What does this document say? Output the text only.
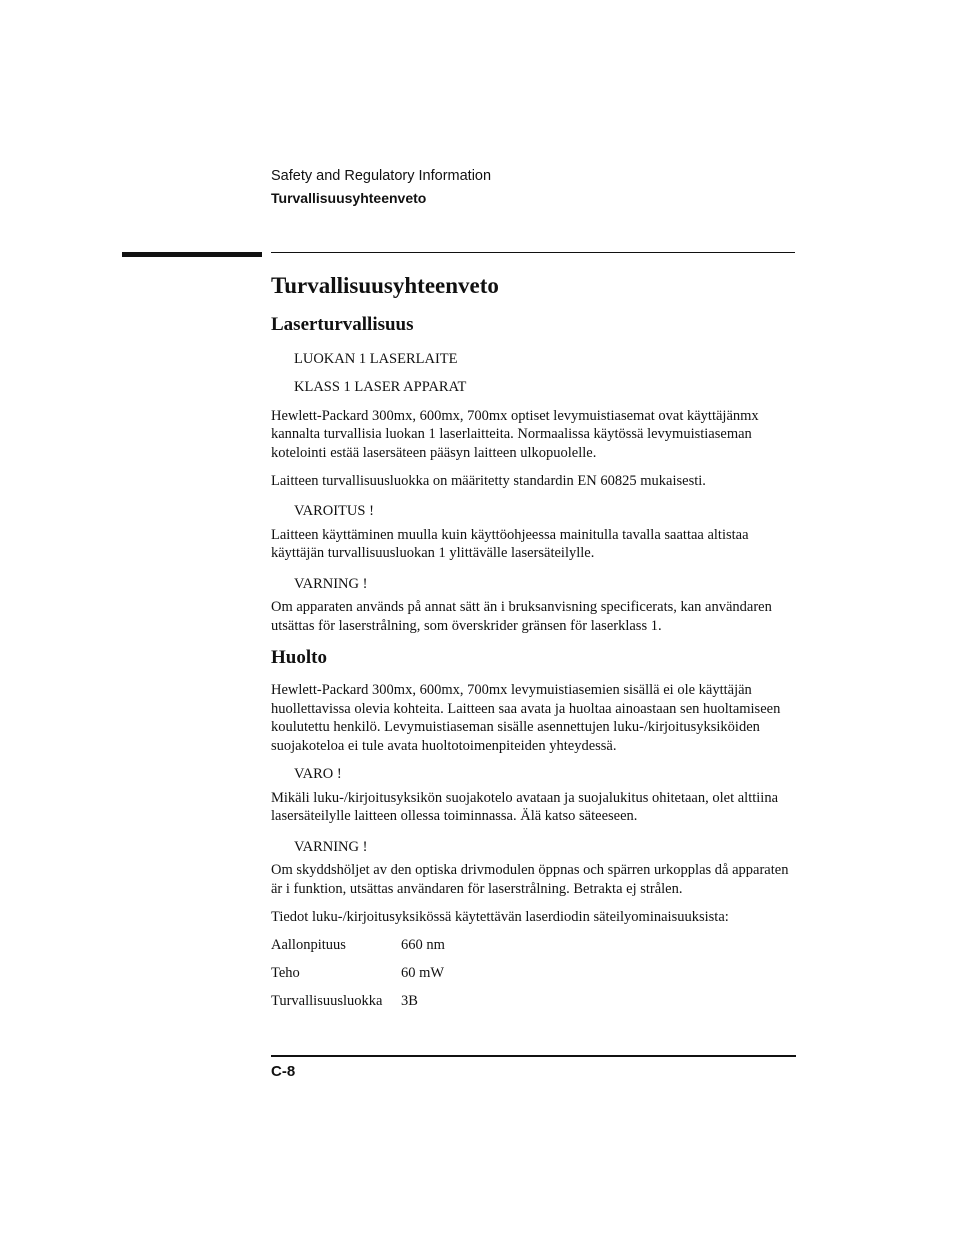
Safety and Regulatory Information
Turvallisuusyhteenveto
Turvallisuusyhteenveto
Laserturvallisuus

LUOKAN 1 LASERLAITE

KLASS 1 LASER APPARAT

Hewlett-Packard 300mx, 600mx, 700mx optiset levymuistiasemat ovat käyttäjänmx kannalta turvallisia luokan 1 laserlaitteita. Normaalissa käytössä levymuistiaseman kotelointi estää lasersäteen pääsyn laitteen ulkopuolelle.

Laitteen turvallisuusluokka on määritetty standardin EN 60825 mukaisesti.

VAROITUS !

Laitteen käyttäminen muulla kuin käyttöohjeessa mainitulla tavalla saattaa altistaa käyttäjän turvallisuusluokan 1 ylittävälle lasersäteilylle.

VARNING !

Om apparaten används på annat sätt än i bruksanvisning specificerats, kan användaren utsättas för laserstrålning, som överskrider gränsen för laserklass 1.

Huolto

Hewlett-Packard 300mx, 600mx, 700mx levymuistiasemien sisällä ei ole käyttäjän huollettavissa olevia kohteita. Laitteen saa avata ja huoltaa ainoastaan sen huoltamiseen koulutettu henkilö. Levymuistiaseman sisälle asennettujen luku-/kirjoitusyksiköiden suojakoteloa ei tule avata huoltotoimenpiteiden yhteydessä.

VARO !

Mikäli luku-/kirjoitusyksikön suojakotelo avataan ja suojalukitus ohitetaan, olet alttiina lasersäteilylle laitteen ollessa toiminnassa. Älä katso säteeseen.

VARNING !

Om skyddshöljet av den optiska drivmodulen öppnas och spärren urkopplas då apparaten är i funktion, utsättas användaren för laserstrålning. Betrakta ej strålen.

Tiedot luku-/kirjoitusyksikössä käytettävän laserdiodin säteilyominaisuuksista:

Aallonpituus	660 nm
Teho	60 mW
Turvallisuusluokka	3B
C-8
